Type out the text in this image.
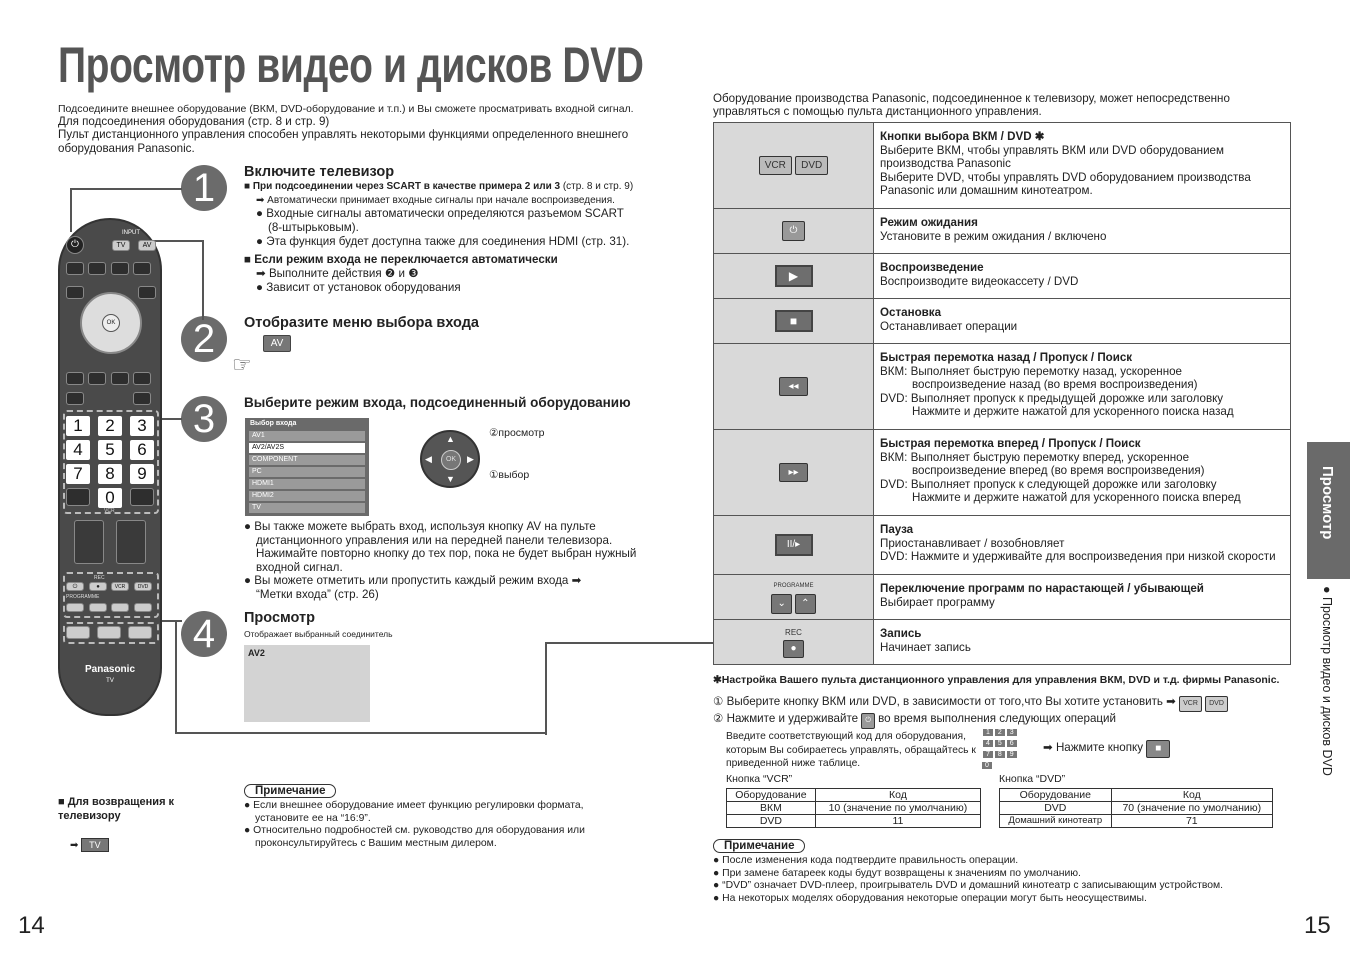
Просмотр видео и дисков DVD
Подсоедините внешнее оборудование (ВКМ, DVD-оборудование и т.п.) и Вы сможете просматривать входной сигнал.
Для подсоединения оборудования (стр. 8 и стр. 9)
Пульт дистанционного управления способен управлять некоторыми функциями определенного внешнего оборудования Panasonic.
1
2
3
4
⏻
INPUT
TV	AV
OK
1	2	3
4	5	6
7	8	9
0
VCR
REC
⏻	●	VCR	DVD
PROGRAMME
Panasonic
TV
Включите телевизор
■ При подсоединении через SCART в качестве примера 2 или 3 (стр. 8 и стр. 9)
➡ Автоматически принимает входные сигналы при начале воспроизведения.
● Входные сигналы автоматически определяются разъемом SCART (8-штырьковым).
● Эта функция будет доступна также для соединения HDMI (стр. 31).
■ Если режим входа не переключается автоматически
➡ Выполните действия ❷ и ❸
● Зависит от установок оборудования
Отобразите меню выбора входа
☞
AV
Выберите режим входа, подсоединенный оборудованию
Выбор входа
AV1
AV2/AV2S
COMPONENT
PC
HDMI1
HDMI2
TV
OK
▲
▼
◀	▶
②просмотр
①выбор
● Вы также можете выбрать вход, используя кнопку AV на пульте дистанционного управления или на передней панели телевизора. Нажимайте повторно кнопку до тех пор, пока не будет выбран нужный входной сигнал.
● Вы можете отметить или пропустить каждый режим входа ➡
“Метки входа” (стр. 26)
Просмотр
Отображает выбранный соединитель
AV2
■ Для возвращения к телевизору
➡ TV
Примечание
● Если внешнее оборудование имеет функцию регулировки формата, установите ее на “16:9”.
● Относительно подробностей см. руководство для оборудования или проконсультируйтесь с Вашим местным дилером.
14
Оборудование производства Panasonic, подсоединенное к телевизору, может непосредственно управляться с помощью пульта дистанционного управления.
VCR DVD	Кнопки выбора ВКМ / DVD ✱
Выберите ВКМ, чтобы управлять ВКМ или DVD оборудованием производства Panasonic
Выберите DVD, чтобы управлять DVD оборудованием производства Panasonic или домашним кинотеатром.
⏻	Режим ожидания
Установите в режим ожидания / включено
▶	Воспроизведение
Воспроизводите видеокассету / DVD
■	Остановка
Останавливает операции
◂◂	Быстрая перемотка назад / Пропуск / Поиск
ВКМ: Выполняет быструю перемотку назад, ускоренное
воспроизведение назад (во время воспроизведения)
DVD: Выполняет пропуск к предыдущей дорожке или заголовку
Нажмите и держите нажатой для ускоренного поиска назад
▸▸	Быстрая перемотка вперед / Пропуск / Поиск
ВКМ: Выполняет быструю перемотку вперед, ускоренное
воспроизведение вперед (во время воспроизведения)
DVD: Выполняет пропуск к следующей дорожке или заголовку
Нажмите и держите нажатой для ускоренного поиска вперед
II/▸	Пауза
Приостанавливает / возобновляет
DVD: Нажмите и удерживайте для воспроизведения при низкой скорости

PROGRAMME
⌄ ⌃	Переключение программ по нарастающей / убывающей
Выбирает программу

REC
●	Запись
Начинает запись
✱Настройка Вашего пульта дистанционного управления для управления ВКМ, DVD и т.д. фирмы Panasonic.
① Выберите кнопку ВКМ или DVD, в зависимости от того,что Вы хотите установить ➡ VCR DVD
② Нажмите и удерживайте ⏻ во время выполнения следующих операций
Введите соответствующий код для оборудования, которым Вы собираетесь управлять, обращайтесь к приведенной ниже таблице.
1 2 3
4 5 6
7 8 9
0
➡ Нажмите кнопку ■
Кнопка “VCR”
Оборудование	Код
ВКМ	10 (значение по умолчанию)
DVD	11
Кнопка “DVD”
Оборудование	Код
DVD	70 (значение по умолчанию)
Домашний кинотеатр	71
Примечание
● После изменения кода подтвердите правильность операции.
● При замене батареек коды будут возвращены к значениям по умолчанию.
● “DVD” означает DVD-плеер, проигрыватель DVD и домашний кинотеатр с записывающим устройством.
● На некоторых моделях оборудования некоторые операции могут быть неосуществимы.
Просмотр
● Просмотр видео и дисков DVD
15
